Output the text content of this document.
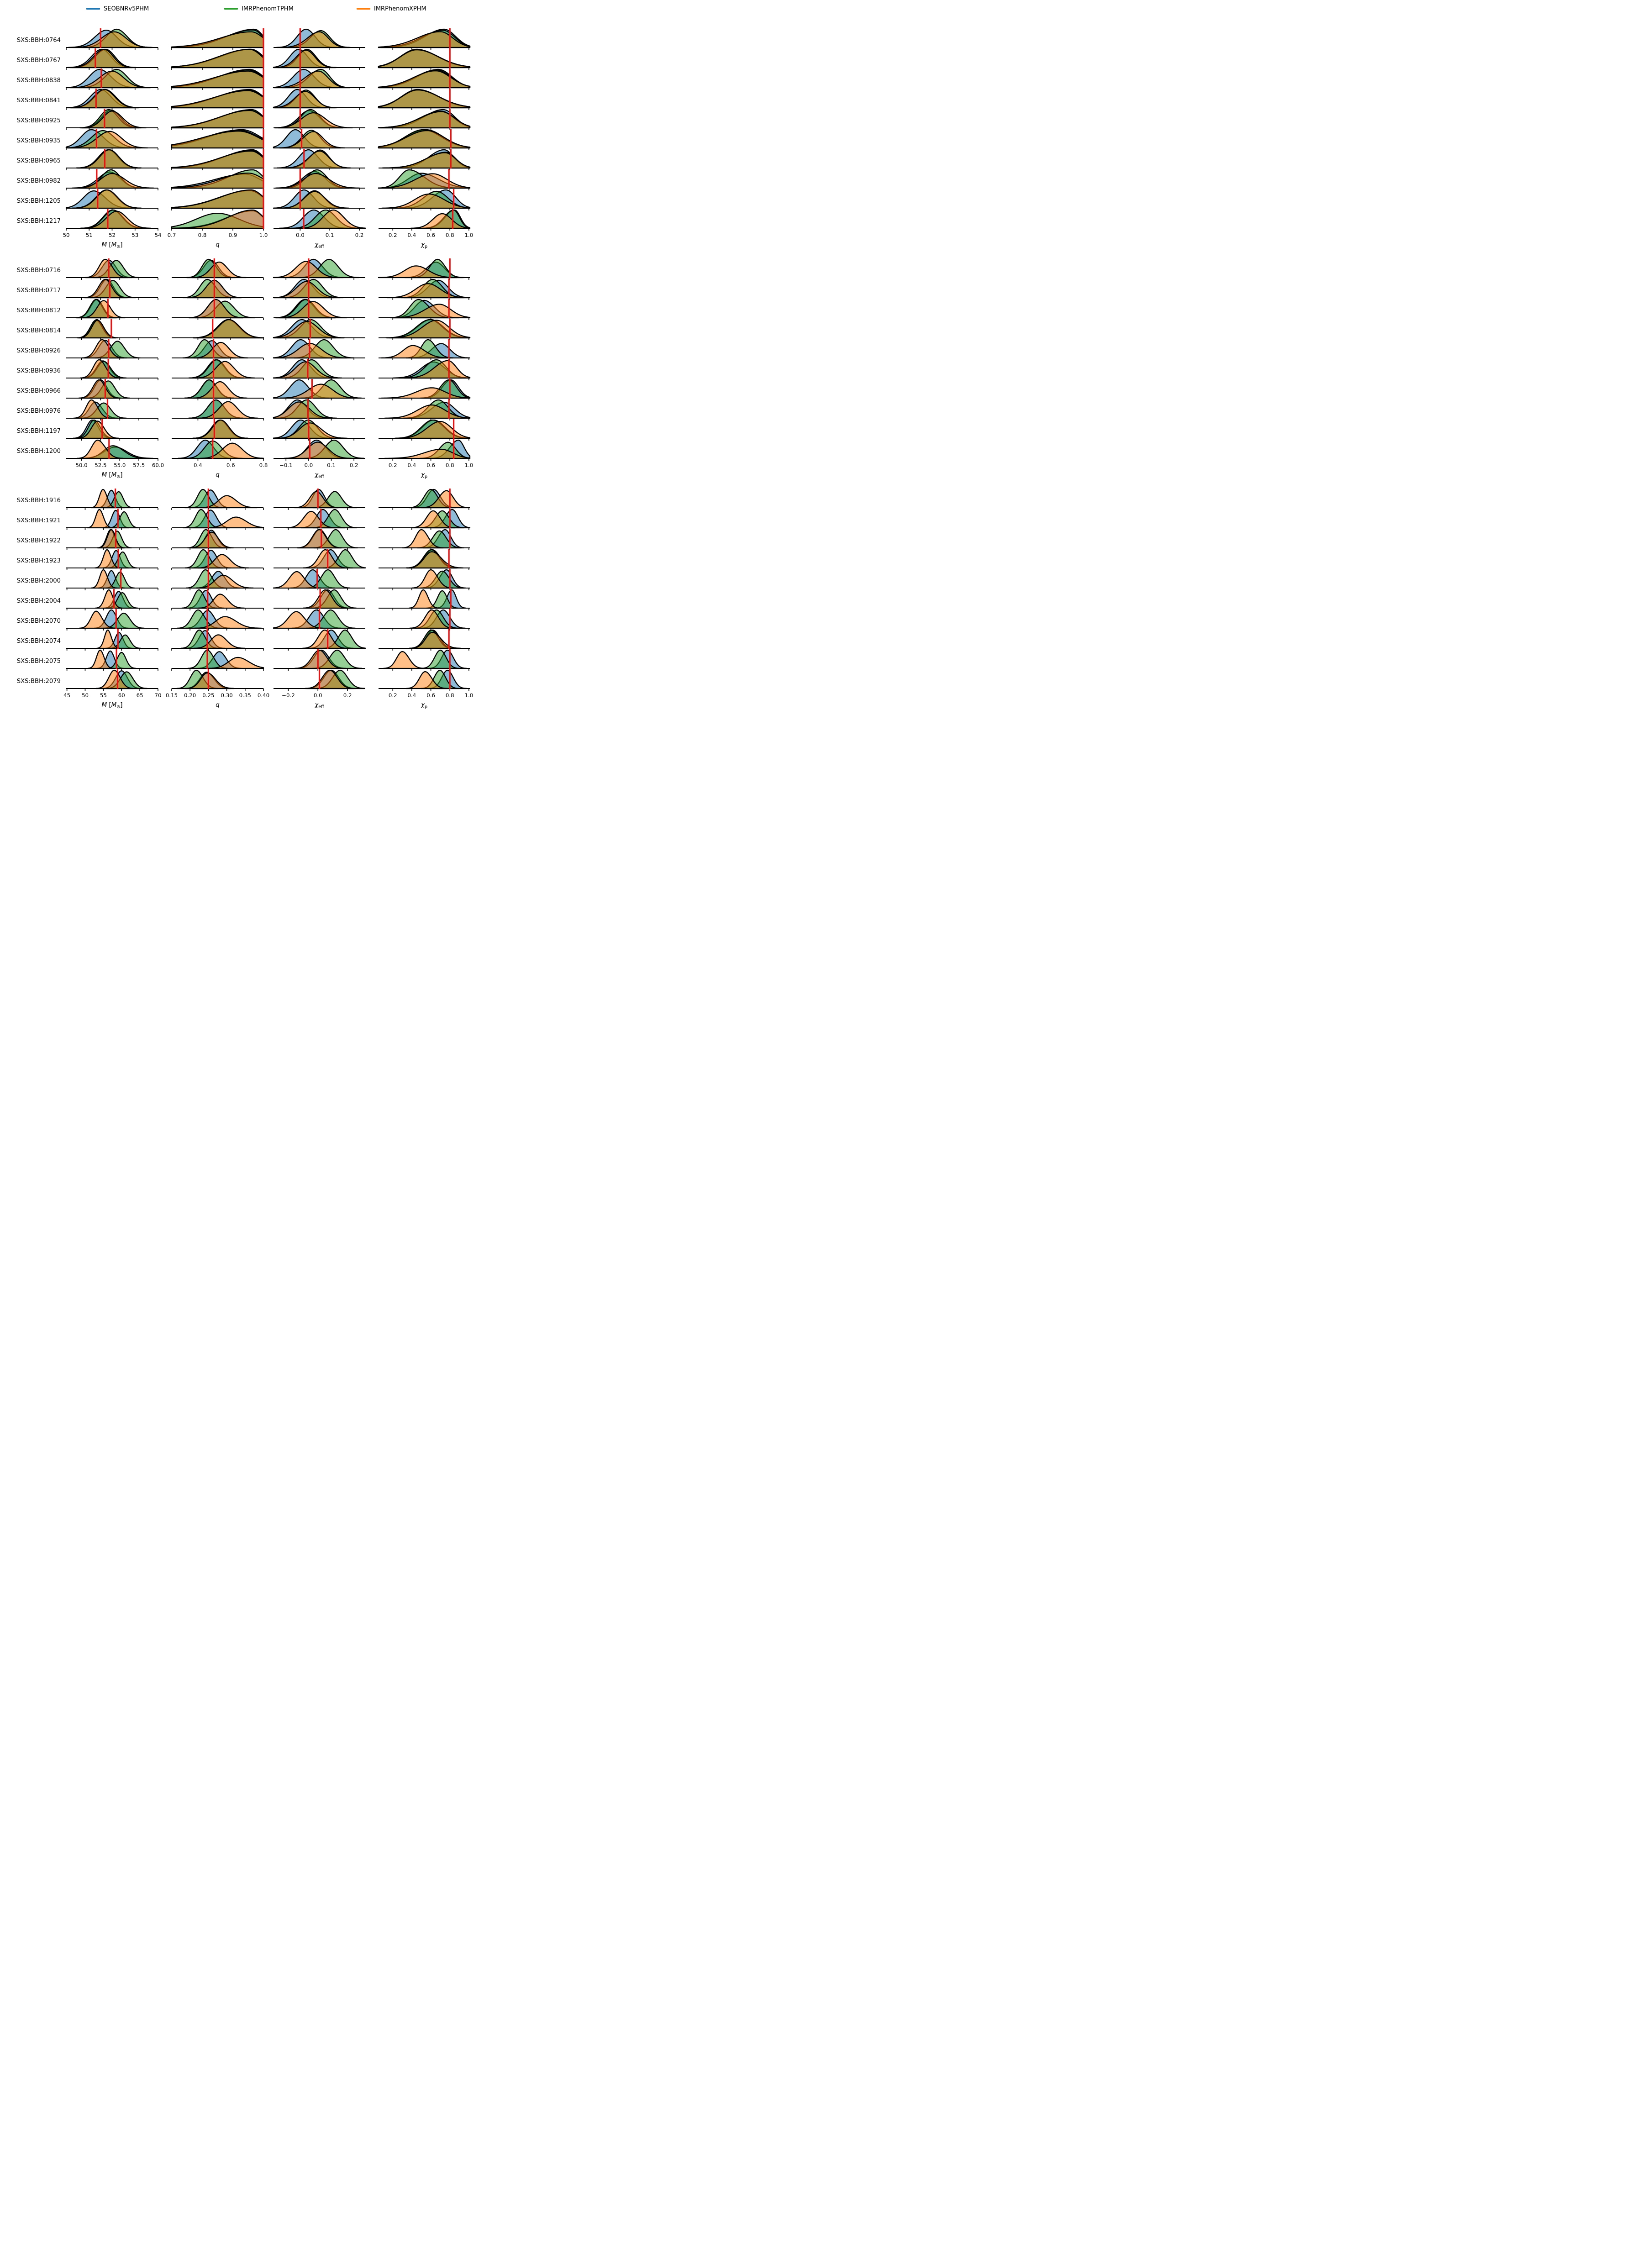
SXS:BBH:0764
SXS:BBH:0767
SXS:BBH:0838
SXS:BBH:0841
SXS:BBH:0925
SXS:BBH:0935
SXS:BBH:0965
SXS:BBH:0982
SXS:BBH:1205
SXS:BBH:1217
50	51	52	53	54
M $[M_⊙]$
0.7	0.8	0.9	1.0
q
0.0	0.1	0.2
$\chi_{eff}$
0.2 0.4 0.6 0.8 1.0
$\chi_p$
SXS:BBH:0716
SXS:BBH:0717
SXS:BBH:0812
SXS:BBH:0814
SXS:BBH:0926
SXS:BBH:0936
SXS:BBH:0966
SXS:BBH:0976
SXS:BBH:1197
SXS:BBH:1200
50.0 52.5 55.0 57.5 60.0
M $[M_⊙]$
0.4	0.6	0.8
q
−0.1 0.0	0.1	0.2
$\chi_{eff}$
0.2 0.4 0.6 0.8 1.0
$\chi_p$
SXS:BBH:1916
SXS:BBH:1921
SXS:BBH:1922
SXS:BBH:1923
SXS:BBH:2000
SXS:BBH:2004
SXS:BBH:2070
SXS:BBH:2074
SXS:BBH:2075
SXS:BBH:2079
45 50 55 60 65 70
M $[M_⊙]$
0.15 0.20 0.25 0.30 0.35 0.40
q
−0.2	0.0	0.2
$\chi_{eff}$
0.2 0.4 0.6 0.8 1.0
$\chi_p$
SEOBNRv5PHM	IMRPhenomTPHM	IMRPhenomXPHM
